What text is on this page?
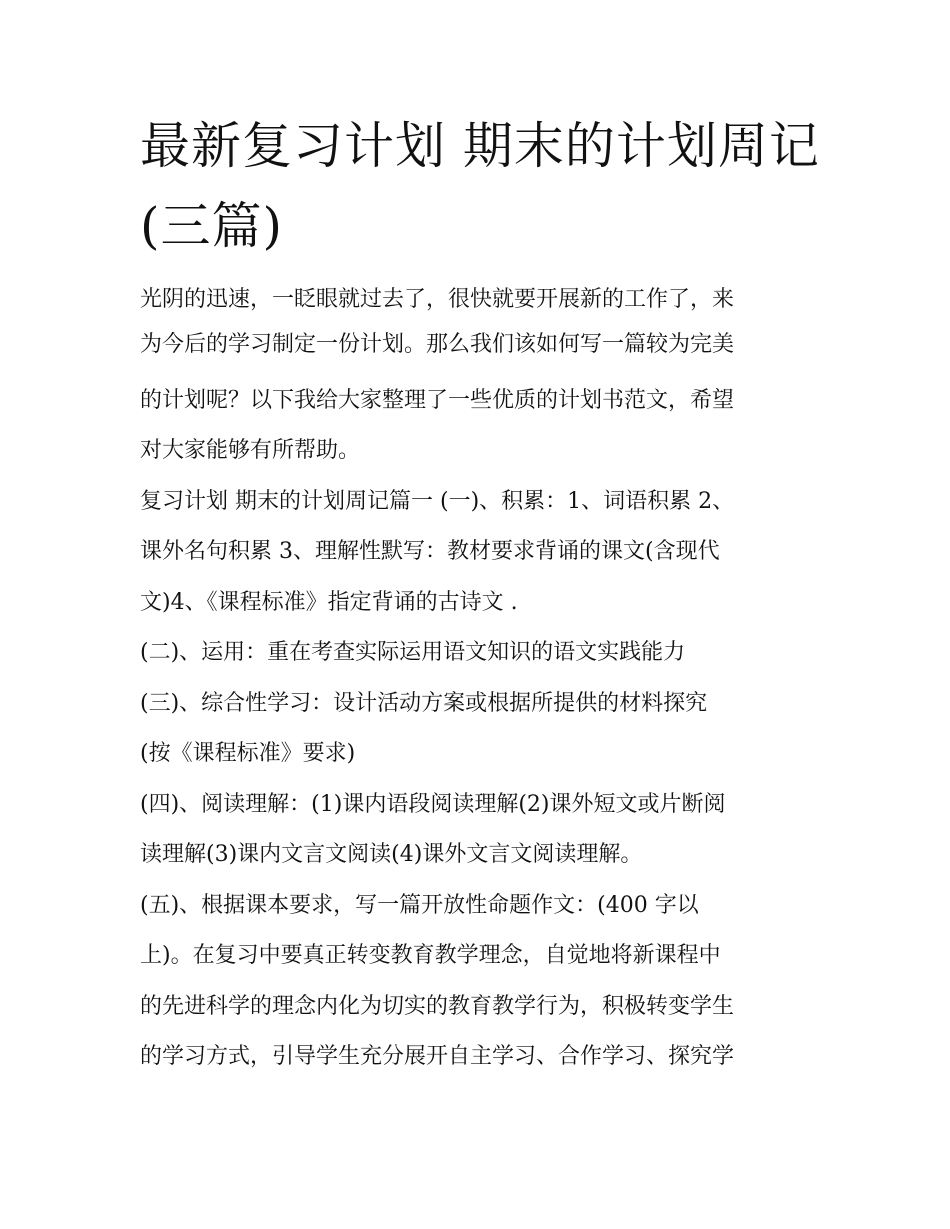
最新复习计划 期末的计划周记
(三篇)
光阴的迅速，一眨眼就过去了，很快就要开展新的工作了，来
为今后的学习制定一份计划。那么我们该如何写一篇较为完美
的计划呢？以下我给大家整理了一些优质的计划书范文，希望
对大家能够有所帮助。
复习计划 期末的计划周记篇一 (一)、积累：1、词语积累 2、
课外名句积累 3、理解性默写：教材要求背诵的课文(含现代
文)4、《课程标准》指定背诵的古诗文 .
(二)、运用：重在考查实际运用语文知识的语文实践能力
(三)、综合性学习：设计活动方案或根据所提供的材料探究
(按《课程标准》要求)
(四)、阅读理解：(1)课内语段阅读理解(2)课外短文或片断阅
读理解(3)课内文言文阅读(4)课外文言文阅读理解。
(五)、根据课本要求，写一篇开放性命题作文：(400 字以
上)。在复习中要真正转变教育教学理念，自觉地将新课程中
的先进科学的理念内化为切实的教育教学行为，积极转变学生
的学习方式，引导学生充分展开自主学习、合作学习、探究学
